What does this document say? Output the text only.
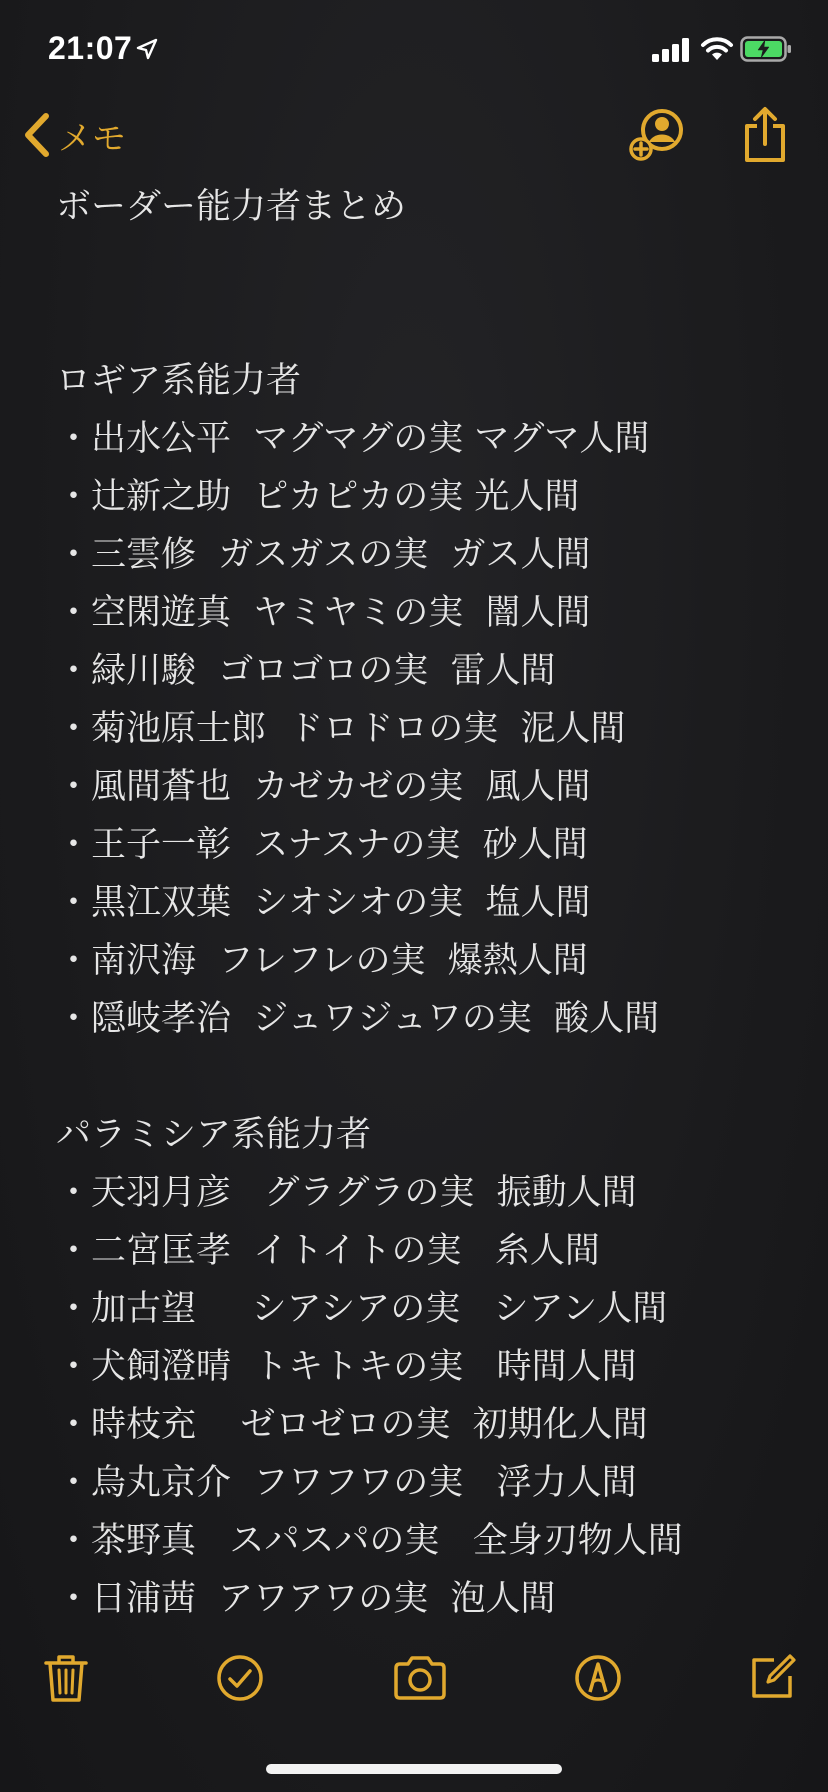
21:07
メモ
ボーダー能力者まとめ
ロギア系能力者
・出水公平  マグマグの実 マグマ人間
・辻新之助  ピカピカの実 光人間
・三雲修  ガスガスの実  ガス人間
・空閑遊真  ヤミヤミの実  闇人間
・緑川駿  ゴロゴロの実  雷人間
・菊池原士郎  ドロドロの実  泥人間
・風間蒼也  カゼカゼの実  風人間
・王子一彰  スナスナの実  砂人間
・黒江双葉  シオシオの実  塩人間
・南沢海  フレフレの実  爆熱人間
・隠岐孝治  ジュワジュワの実  酸人間
パラミシア系能力者
・天羽月彦   グラグラの実  振動人間
・二宮匡孝  イトイトの実   糸人間
・加古望     シアシアの実   シアン人間
・犬飼澄晴  トキトキの実   時間人間
・時枝充    ゼロゼロの実  初期化人間
・烏丸京介  フワフワの実   浮力人間
・茶野真   スパスパの実   全身刃物人間
・日浦茜  アワアワの実  泡人間
